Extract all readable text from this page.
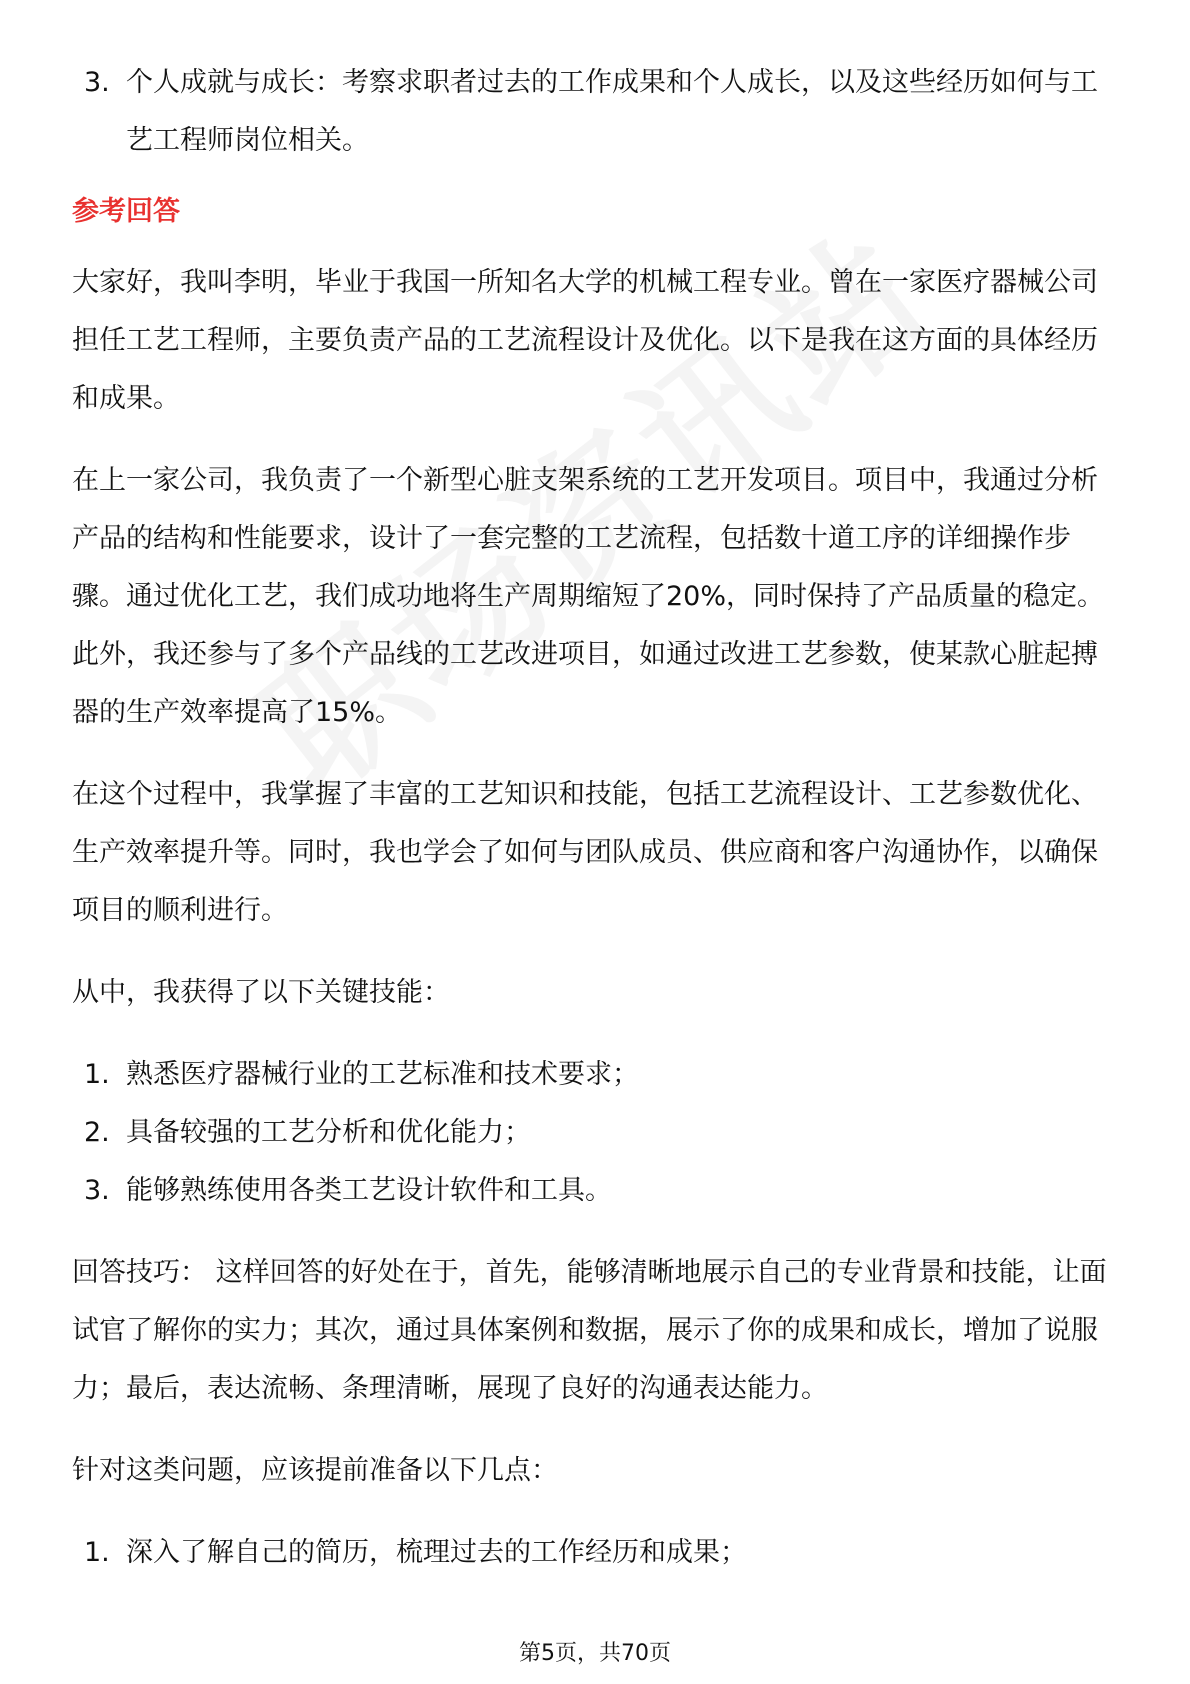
3. 个人成就与成长：考察求职者过去的工作成果和个人成长，以及这些经历如何与工艺工程师岗位相关。
参考回答

大家好，我叫李明，毕业于我国一所知名大学的机械工程专业。曾在一家医疗器械公司担任工艺工程师，主要负责产品的工艺流程设计及优化。以下是我在这方面的具体经历和成果。

在上一家公司，我负责了一个新型心脏支架系统的工艺开发项目。项目中，我通过分析产品的结构和性能要求，设计了一套完整的工艺流程，包括数十道工序的详细操作步骤。通过优化工艺，我们成功地将生产周期缩短了20%，同时保持了产品质量的稳定。此外，我还参与了多个产品线的工艺改进项目，如通过改进工艺参数，使某款心脏起搏器的生产效率提高了15%。

在这个过程中，我掌握了丰富的工艺知识和技能，包括工艺流程设计、工艺参数优化、生产效率提升等。同时，我也学会了如何与团队成员、供应商和客户沟通协作，以确保项目的顺利进行。

从中，我获得了以下关键技能：

1. 熟悉医疗器械行业的工艺标准和技术要求；
2. 具备较强的工艺分析和优化能力；
3. 能够熟练使用各类工艺设计软件和工具。

回答技巧： 这样回答的好处在于，首先，能够清晰地展示自己的专业背景和技能，让面试官了解你的实力；其次，通过具体案例和数据，展示了你的成果和成长，增加了说服力；最后，表达流畅、条理清晰，展现了良好的沟通表达能力。

针对这类问题，应该提前准备以下几点：

1. 深入了解自己的简历，梳理过去的工作经历和成果；
第5页，共70页
